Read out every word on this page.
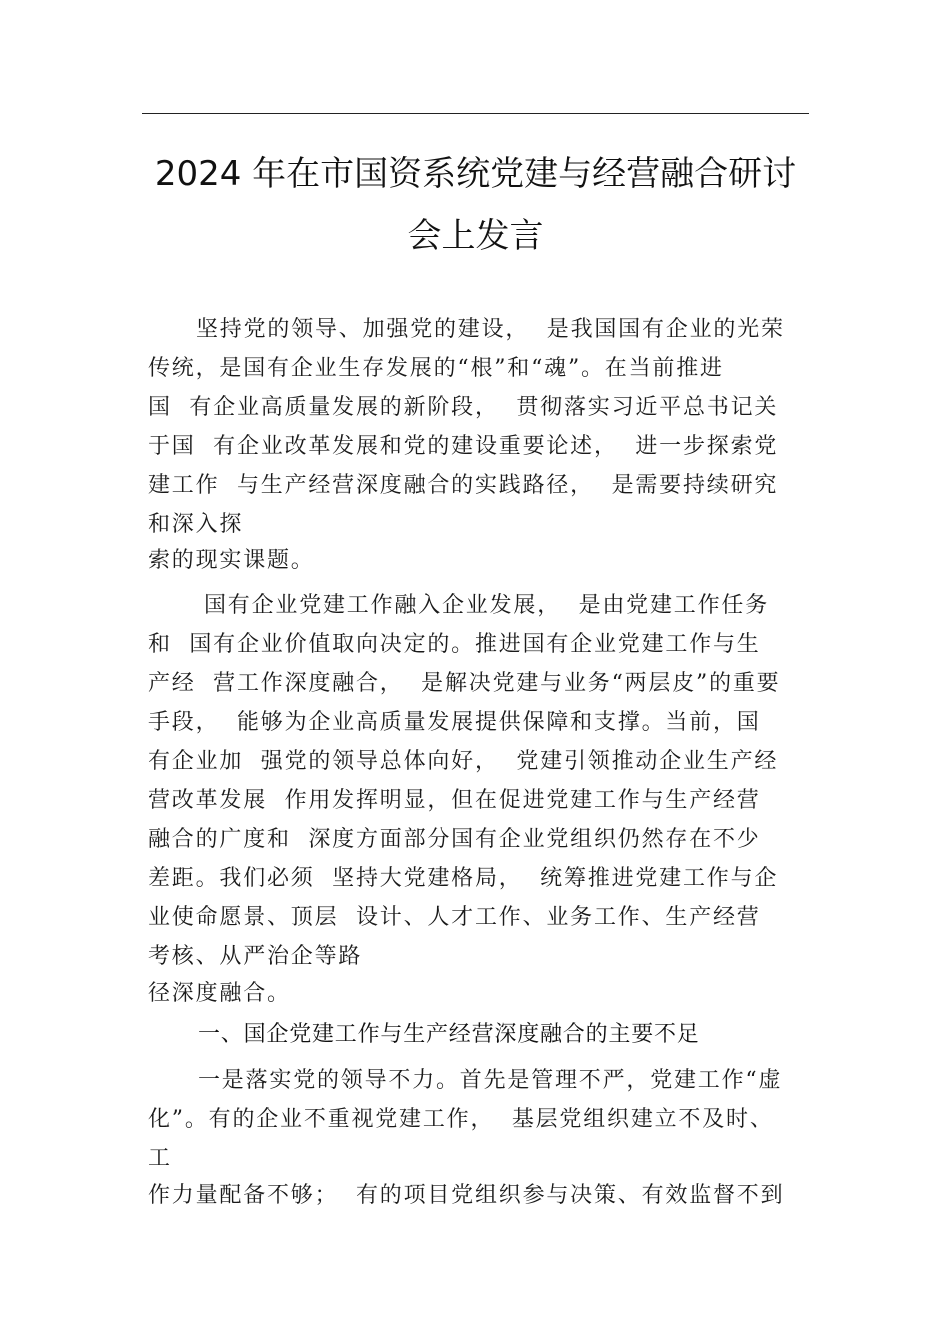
2024 年在市国资系统党建与经营融合研讨
会上发言
坚持党的领导、加强党的建设，  是我国国有企业的光荣
传统，是国有企业生存发展的“根”和“魂”。在当前推进
国  有企业高质量发展的新阶段，  贯彻落实习近平总书记关
于国  有企业改革发展和党的建设重要论述，  进一步探索党
建工作  与生产经营深度融合的实践路径，  是需要持续研究
和深入探
索的现实课题。
国有企业党建工作融入企业发展，  是由党建工作任务
和  国有企业价值取向决定的。推进国有企业党建工作与生
产经  营工作深度融合，  是解决党建与业务“两层皮”的重要
手段，  能够为企业高质量发展提供保障和支撑。当前，国
有企业加  强党的领导总体向好，  党建引领推动企业生产经
营改革发展  作用发挥明显，但在促进党建工作与生产经营
融合的广度和  深度方面部分国有企业党组织仍然存在不少
差距。我们必须  坚持大党建格局，  统筹推进党建工作与企
业使命愿景、顶层  设计、人才工作、业务工作、生产经营
考核、从严治企等路
径深度融合。
一、国企党建工作与生产经营深度融合的主要不足
一是落实党的领导不力。首先是管理不严，党建工作“虚
化”。有的企业不重视党建工作，  基层党组织建立不及时、
工
作力量配备不够；  有的项目党组织参与决策、有效监督不到
